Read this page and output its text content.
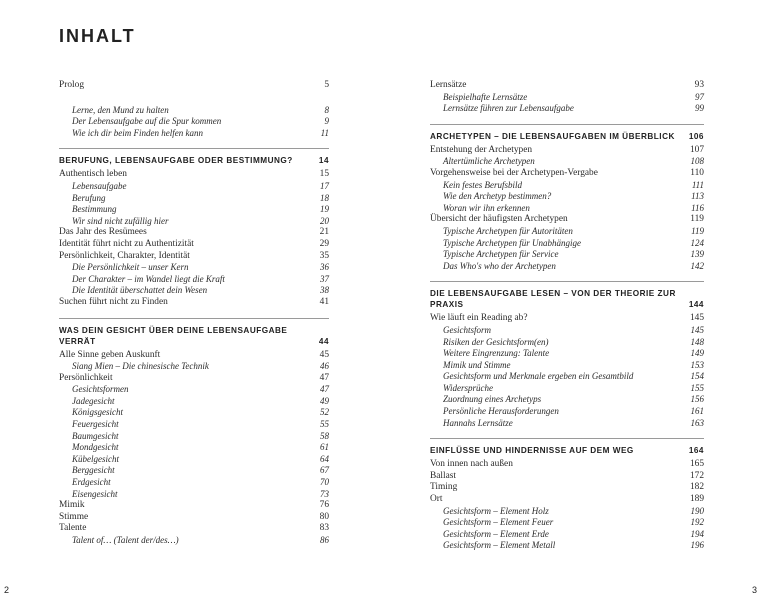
INHALT
Prolog	5
Lerne, den Mund zu halten	8
Der Lebensaufgabe auf die Spur kommen	9
Wie ich dir beim Finden helfen kann	11
BERUFUNG, LEBENSAUFGABE ODER BESTIMMUNG?	14
Authentisch leben	15
Lebensaufgabe	17
Berufung	18
Bestimmung	19
Wir sind nicht zufällig hier	20
Das Jahr des Resümees	21
Identität führt nicht zu Authentizität	29
Persönlichkeit, Charakter, Identität	35
Die Persönlichkeit – unser Kern	36
Der Charakter – im Wandel liegt die Kraft	37
Die Identität überschattet dein Wesen	38
Suchen führt nicht zu Finden	41
WAS DEIN GESICHT ÜBER DEINE LEBENSAUFGABE VERRÄT	44
Alle Sinne geben Auskunft	45
Siang Mien – Die chinesische Technik	46
Persönlichkeit	47
Gesichtsformen	47
Jadegesicht	49
Königsgesicht	52
Feuergesicht	55
Baumgesicht	58
Mondgesicht	61
Kübelgesicht	64
Berggesicht	67
Erdgesicht	70
Eisengesicht	73
Mimik	76
Stimme	80
Talente	83
Talent of… (Talent der/des…)	86
Lernsätze	93
Beispielhafte Lernsätze	97
Lernsätze führen zur Lebensaufgabe	99
ARCHETYPEN – DIE LEBENSAUFGABEN IM ÜBERBLICK 106
Entstehung der Archetypen	107
Altertümliche Archetypen	108
Vorgehensweise bei der Archetypen-Vergabe	110
Kein festes Berufsbild	111
Wie den Archetyp bestimmen?	113
Woran wir ihn erkennen	116
Übersicht der häufigsten Archetypen	119
Typische Archetypen für Autoritäten	119
Typische Archetypen für Unabhängige	124
Typische Archetypen für Service	139
Das Who's who der Archetypen	142
DIE LEBENSAUFGABE LESEN – VON DER THEORIE ZUR PRAXIS	144
Wie läuft ein Reading ab?	145
Gesichtsform	145
Risiken der Gesichtsform(en)	148
Weitere Eingrenzung: Talente	149
Mimik und Stimme	153
Gesichtsform und Merkmale ergeben ein Gesamtbild	154
Widersprüche	155
Zuordnung eines Archetyps	156
Persönliche Herausforderungen	161
Hannahs Lernsätze	163
EINFLÜSSE UND HINDERNISSE AUF DEM WEG	164
Von innen nach außen	165
Ballast	172
Timing	182
Ort	189
Gesichtsform – Element Holz	190
Gesichtsform – Element Feuer	192
Gesichtsform – Element Erde	194
Gesichtsform – Element Metall	196
2	3
